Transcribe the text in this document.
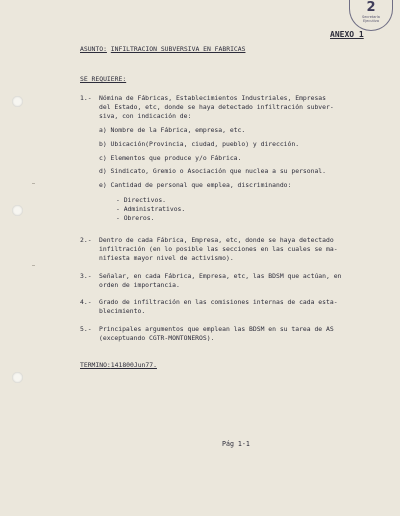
2
Secretaría
Ejecutiva
ANEXO 1
ASUNTO: INFILTRACION SUBVERSIVA EN FABRICAS
SE REQUIERE:
1.- Nómina de Fábricas, Establecimientos Industriales, Empresas
del Estado, etc, donde se haya detectado infiltración subver-
siva, con indicación de:
a) Nombre de la Fábrica, empresa, etc.
b) Ubicación(Provincia, ciudad, pueblo) y dirección.
c) Elementos que produce y/o Fábrica.
d) Sindicato, Gremio o Asociación que nuclea a su personal.
e) Cantidad de personal que emplea, discriminando:
- Directivos.
- Administrativos.
- Obreros.
2.- Dentro de cada Fábrica, Empresa, etc, donde se haya detectado
infiltración (en lo posible las secciones en las cuales se ma-
nifiesta mayor nivel de activismo).
3.- Señalar, en cada Fábrica, Empresa, etc, las BDSM que actúan, en
orden de importancia.
4.- Grado de infiltración en las comisiones internas de cada esta-
blecimiento.
5.- Principales argumentos que emplean las BDSM en su tarea de AS
(exceptuando CGTR-MONTONEROS).
TERMINO:141800Jun77.
Pág 1-1
